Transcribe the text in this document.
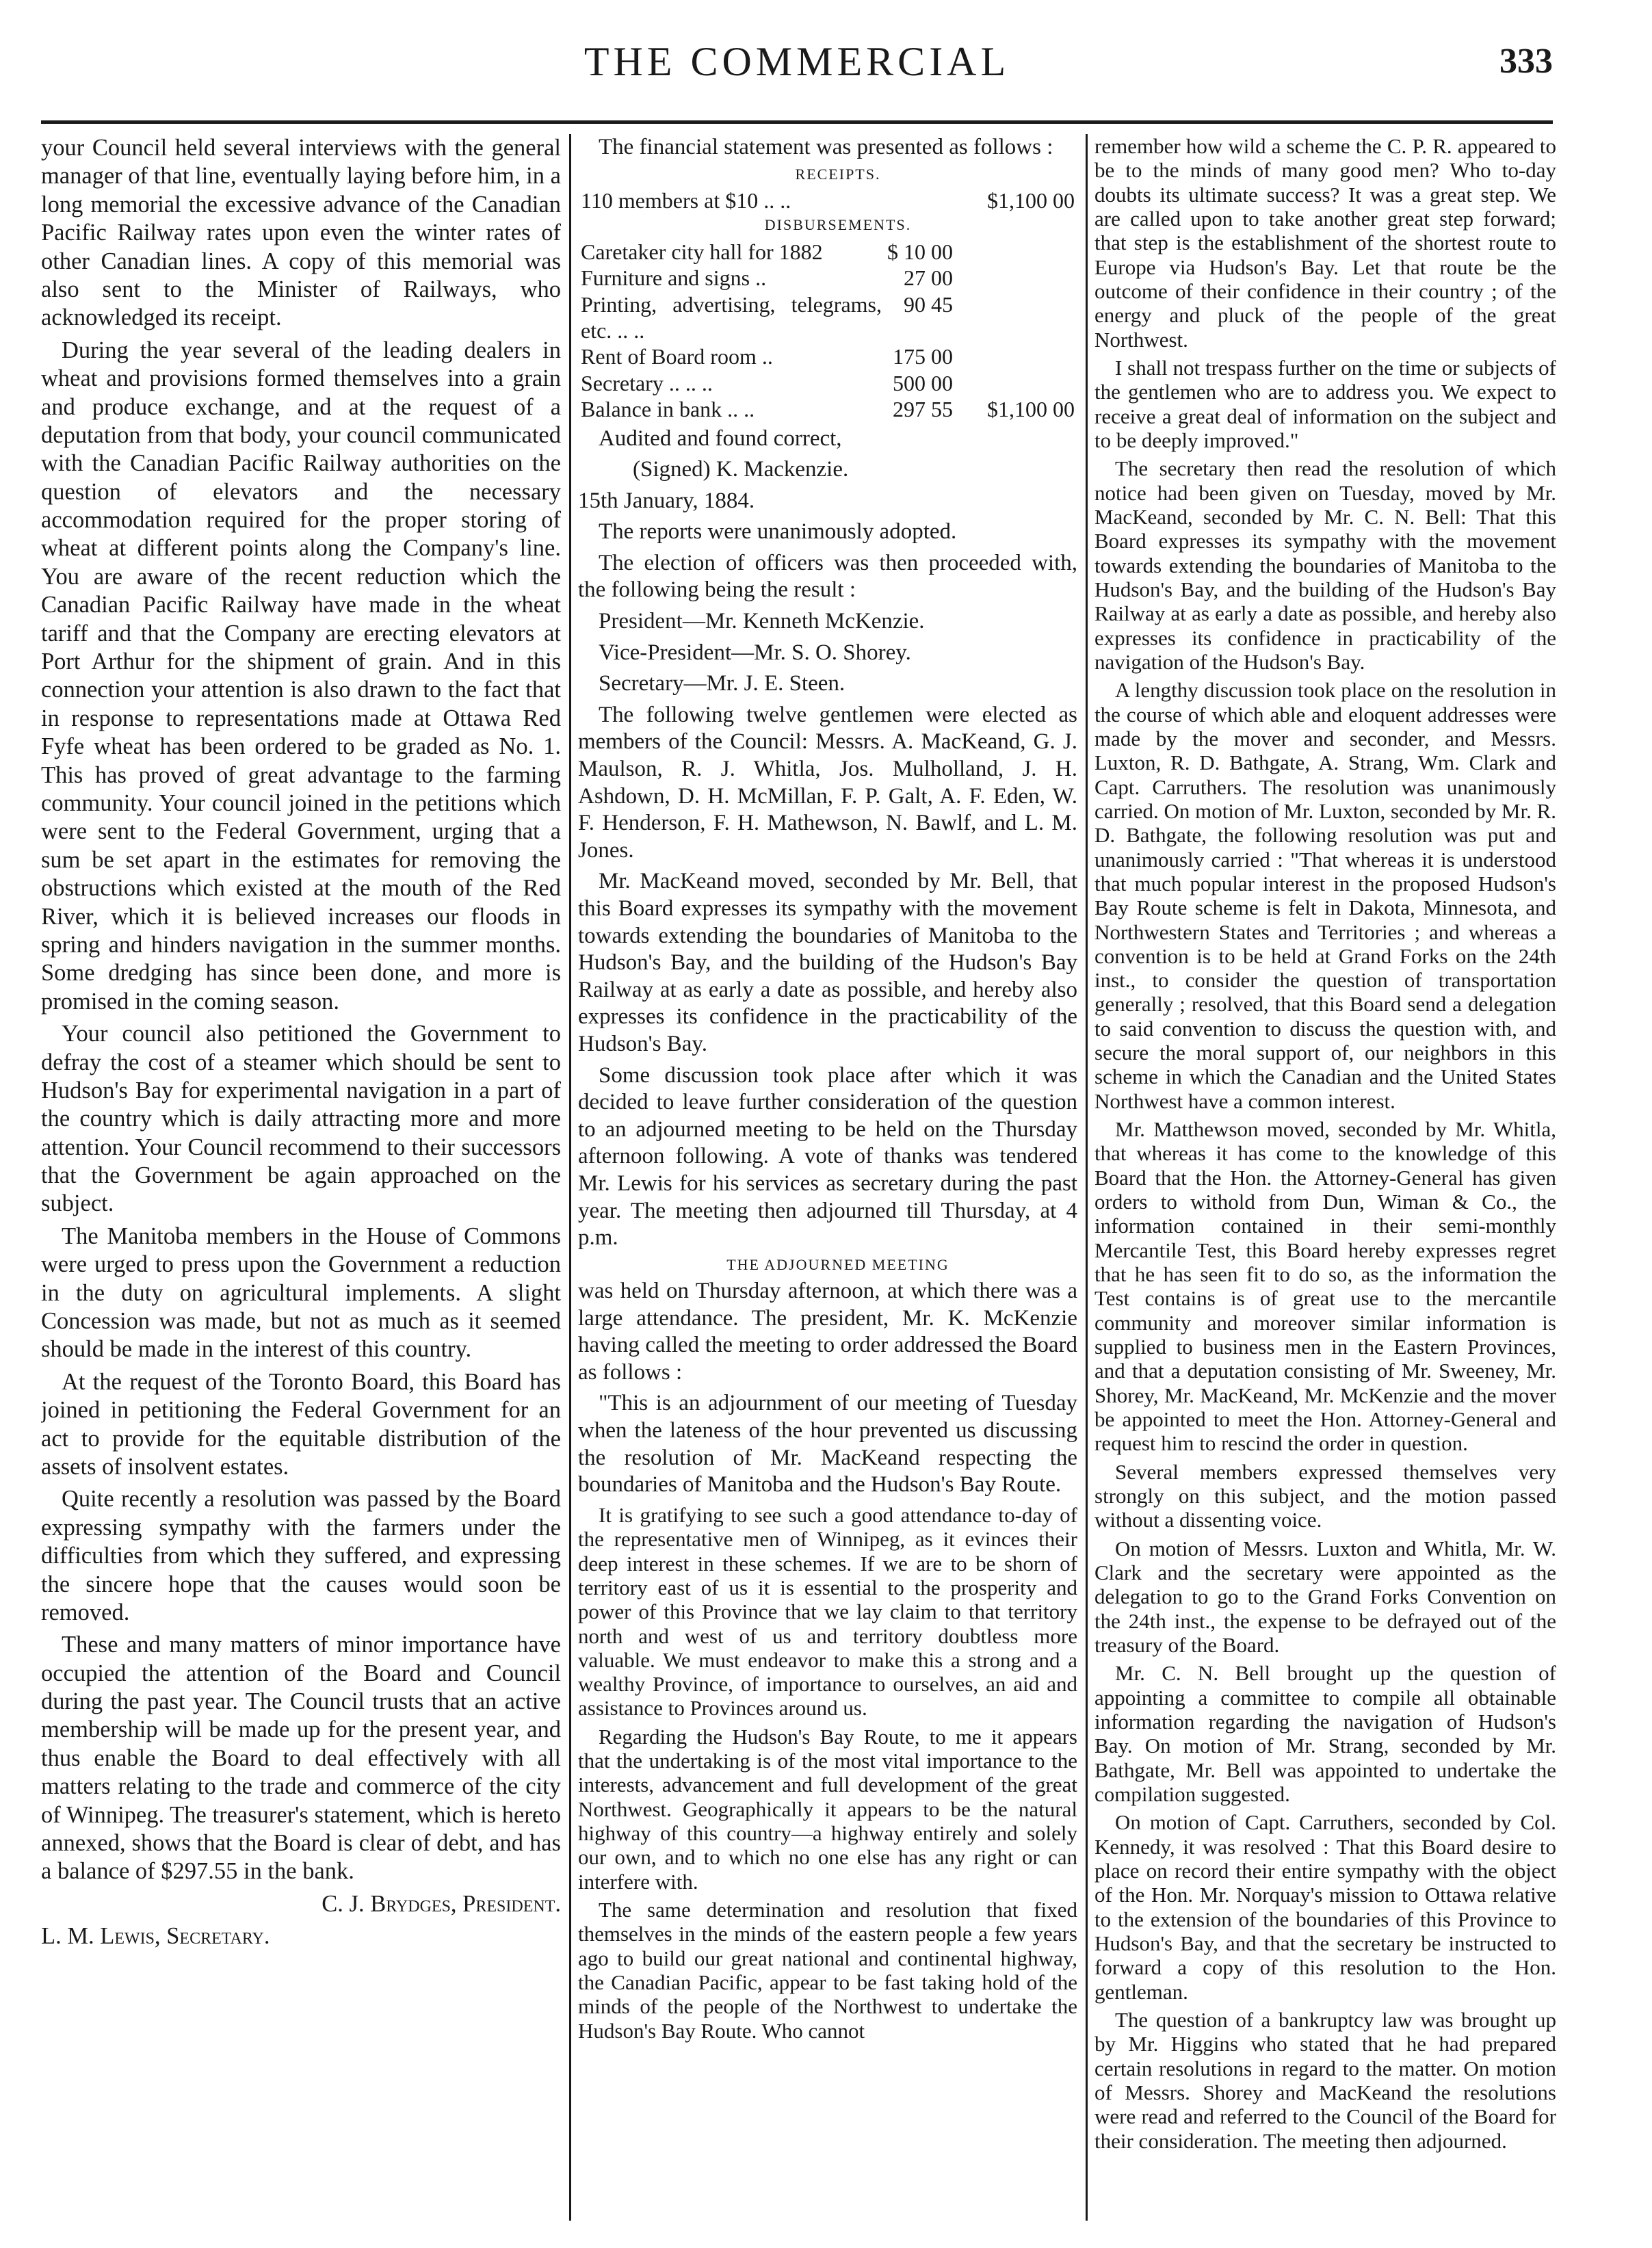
THE COMMERCIAL	333

your Council held several interviews with the general manager of that line, eventually laying before him, in a long memorial the excessive advance of the Canadian Pacific Railway rates upon even the winter rates of other Canadian lines. A copy of this memorial was also sent to the Minister of Railways, who acknowledged its receipt.

During the year several of the leading dealers in wheat and provisions formed themselves into a grain and produce exchange, and at the request of a deputation from that body, your council communicated with the Canadian Pacific Railway authorities on the question of elevators and the necessary accommodation required for the proper storing of wheat at different points along the Company's line. You are aware of the recent reduction which the Canadian Pacific Railway have made in the wheat tariff and that the Company are erecting elevators at Port Arthur for the shipment of grain. And in this connection your attention is also drawn to the fact that in response to representations made at Ottawa Red Fyfe wheat has been ordered to be graded as No. 1. This has proved of great advantage to the farming community. Your council joined in the petitions which were sent to the Federal Government, urging that a sum be set apart in the estimates for removing the obstructions which existed at the mouth of the Red River, which it is believed increases our floods in spring and hinders navigation in the summer months. Some dredging has since been done, and more is promised in the coming season.

Your council also petitioned the Government to defray the cost of a steamer which should be sent to Hudson's Bay for experimental navigation in a part of the country which is daily attracting more and more attention. Your Council recommend to their successors that the Government be again approached on the subject.

The Manitoba members in the House of Commons were urged to press upon the Government a reduction in the duty on agricultural implements. A slight Concession was made, but not as much as it seemed should be made in the interest of this country.

At the request of the Toronto Board, this Board has joined in petitioning the Federal Government for an act to provide for the equitable distribution of the assets of insolvent estates.

Quite recently a resolution was passed by the Board expressing sympathy with the farmers under the difficulties from which they suffered, and expressing the sincere hope that the causes would soon be removed.

These and many matters of minor importance have occupied the attention of the Board and Council during the past year. The Council trusts that an active membership will be made up for the present year, and thus enable the Board to deal effectively with all matters relating to the trade and commerce of the city of Winnipeg. The treasurer's statement, which is hereto annexed, shows that the Board is clear of debt, and has a balance of $297.55 in the bank.

C. J. Brydges, President.

L. M. Lewis, Secretary.

The financial statement was presented as follows :

RECEIPTS.

110 members at $10 .. ..		$1,100 00

DISBURSEMENTS.

Caretaker city hall for 1882	$ 10 00	
Furniture and signs ..	27 00	
Printing, advertising, telegrams, etc. .. ..	90 45	
Rent of Board room ..	175 00	
Secretary .. .. ..	500 00	
Balance in bank .. ..	297 55	$1,100 00

Audited and found correct,

(Signed) K. Mackenzie.

15th January, 1884.

The reports were unanimously adopted.

The election of officers was then proceeded with, the following being the result :

President—Mr. Kenneth McKenzie.

Vice-President—Mr. S. O. Shorey.

Secretary—Mr. J. E. Steen.

The following twelve gentlemen were elected as members of the Council: Messrs. A. MacKeand, G. J. Maulson, R. J. Whitla, Jos. Mulholland, J. H. Ashdown, D. H. McMillan, F. P. Galt, A. F. Eden, W. F. Henderson, F. H. Mathewson, N. Bawlf, and L. M. Jones.

Mr. MacKeand moved, seconded by Mr. Bell, that this Board expresses its sympathy with the movement towards extending the boundaries of Manitoba to the Hudson's Bay, and the building of the Hudson's Bay Railway at as early a date as possible, and hereby also expresses its confidence in the practicability of the Hudson's Bay.

Some discussion took place after which it was decided to leave further consideration of the question to an adjourned meeting to be held on the Thursday afternoon following. A vote of thanks was tendered Mr. Lewis for his services as secretary during the past year. The meeting then adjourned till Thursday, at 4 p.m.

THE ADJOURNED MEETING

was held on Thursday afternoon, at which there was a large attendance. The president, Mr. K. McKenzie having called the meeting to order addressed the Board as follows :

"This is an adjournment of our meeting of Tuesday when the lateness of the hour prevented us discussing the resolution of Mr. MacKeand respecting the boundaries of Manitoba and the Hudson's Bay Route.

It is gratifying to see such a good attendance to-day of the representative men of Winnipeg, as it evinces their deep interest in these schemes. If we are to be shorn of territory east of us it is essential to the prosperity and power of this Province that we lay claim to that territory north and west of us and territory doubtless more valuable. We must endeavor to make this a strong and a wealthy Province, of importance to ourselves, an aid and assistance to Provinces around us.

Regarding the Hudson's Bay Route, to me it appears that the undertaking is of the most vital importance to the interests, advancement and full development of the great Northwest. Geographically it appears to be the natural highway of this country—a highway entirely and solely our own, and to which no one else has any right or can interfere with.

The same determination and resolution that fixed themselves in the minds of the eastern people a few years ago to build our great national and continental highway, the Canadian Pacific, appear to be fast taking hold of the minds of the people of the Northwest to undertake the Hudson's Bay Route. Who cannot

remember how wild a scheme the C. P. R. appeared to be to the minds of many good men? Who to-day doubts its ultimate success? It was a great step. We are called upon to take another great step forward; that step is the establishment of the shortest route to Europe via Hudson's Bay. Let that route be the outcome of their confidence in their country ; of the energy and pluck of the people of the great Northwest.

I shall not trespass further on the time or subjects of the gentlemen who are to address you. We expect to receive a great deal of information on the subject and to be deeply improved."

The secretary then read the resolution of which notice had been given on Tuesday, moved by Mr. MacKeand, seconded by Mr. C. N. Bell: That this Board expresses its sympathy with the movement towards extending the boundaries of Manitoba to the Hudson's Bay, and the building of the Hudson's Bay Railway at as early a date as possible, and hereby also expresses its confidence in practicability of the navigation of the Hudson's Bay.

A lengthy discussion took place on the resolution in the course of which able and eloquent addresses were made by the mover and seconder, and Messrs. Luxton, R. D. Bathgate, A. Strang, Wm. Clark and Capt. Carruthers. The resolution was unanimously carried. On motion of Mr. Luxton, seconded by Mr. R. D. Bathgate, the following resolution was put and unanimously carried : "That whereas it is understood that much popular interest in the proposed Hudson's Bay Route scheme is felt in Dakota, Minnesota, and Northwestern States and Territories ; and whereas a convention is to be held at Grand Forks on the 24th inst., to consider the question of transportation generally ; resolved, that this Board send a delegation to said convention to discuss the question with, and secure the moral support of, our neighbors in this scheme in which the Canadian and the United States Northwest have a common interest.

Mr. Matthewson moved, seconded by Mr. Whitla, that whereas it has come to the knowledge of this Board that the Hon. the Attorney-General has given orders to withold from Dun, Wiman & Co., the information contained in their semi-monthly Mercantile Test, this Board hereby expresses regret that he has seen fit to do so, as the information the Test contains is of great use to the mercantile community and moreover similar information is supplied to business men in the Eastern Provinces, and that a deputation consisting of Mr. Sweeney, Mr. Shorey, Mr. MacKeand, Mr. McKenzie and the mover be appointed to meet the Hon. Attorney-General and request him to rescind the order in question.

Several members expressed themselves very strongly on this subject, and the motion passed without a dissenting voice.

On motion of Messrs. Luxton and Whitla, Mr. W. Clark and the secretary were appointed as the delegation to go to the Grand Forks Convention on the 24th inst., the expense to be defrayed out of the treasury of the Board.

Mr. C. N. Bell brought up the question of appointing a committee to compile all obtainable information regarding the navigation of Hudson's Bay. On motion of Mr. Strang, seconded by Mr. Bathgate, Mr. Bell was appointed to undertake the compilation suggested.

On motion of Capt. Carruthers, seconded by Col. Kennedy, it was resolved : That this Board desire to place on record their entire sympathy with the object of the Hon. Mr. Norquay's mission to Ottawa relative to the extension of the boundaries of this Province to Hudson's Bay, and that the secretary be instructed to forward a copy of this resolution to the Hon. gentleman.

The question of a bankruptcy law was brought up by Mr. Higgins who stated that he had prepared certain resolutions in regard to the matter. On motion of Messrs. Shorey and MacKeand the resolutions were read and referred to the Council of the Board for their consideration. The meeting then adjourned.
